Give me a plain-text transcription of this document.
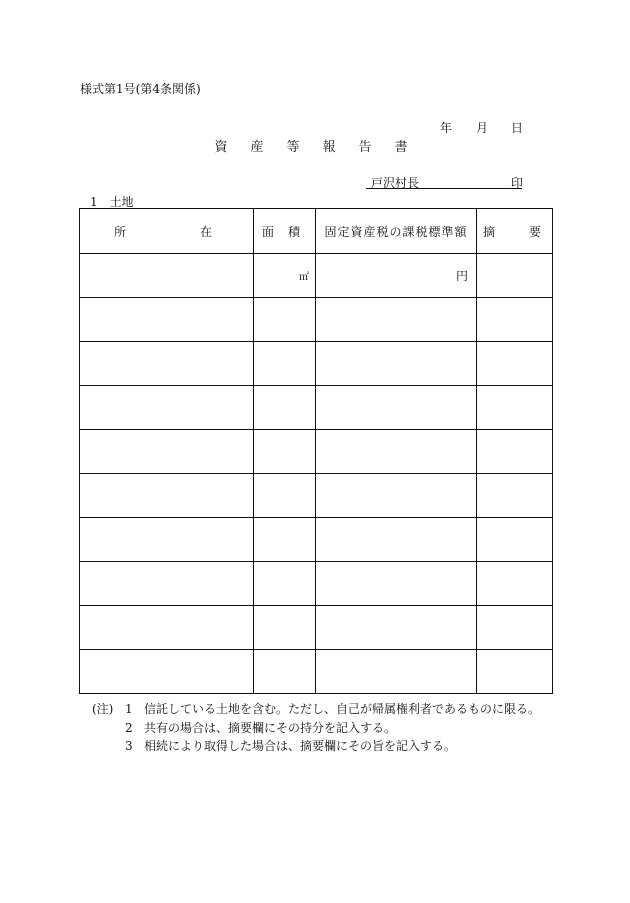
様式第1号(第4条関係)
年 月 日
資 産 等 報 告 書
戸沢村長	印
1　土地
所 在	面 積	固定資産税の課税標準額	摘 要
	㎡	円	

(注) 1 信託している土地を含む。ただし、自己が帰属権利者であるものに限る。
2 共有の場合は、摘要欄にその持分を記入する。
3 相続により取得した場合は、摘要欄にその旨を記入する。
